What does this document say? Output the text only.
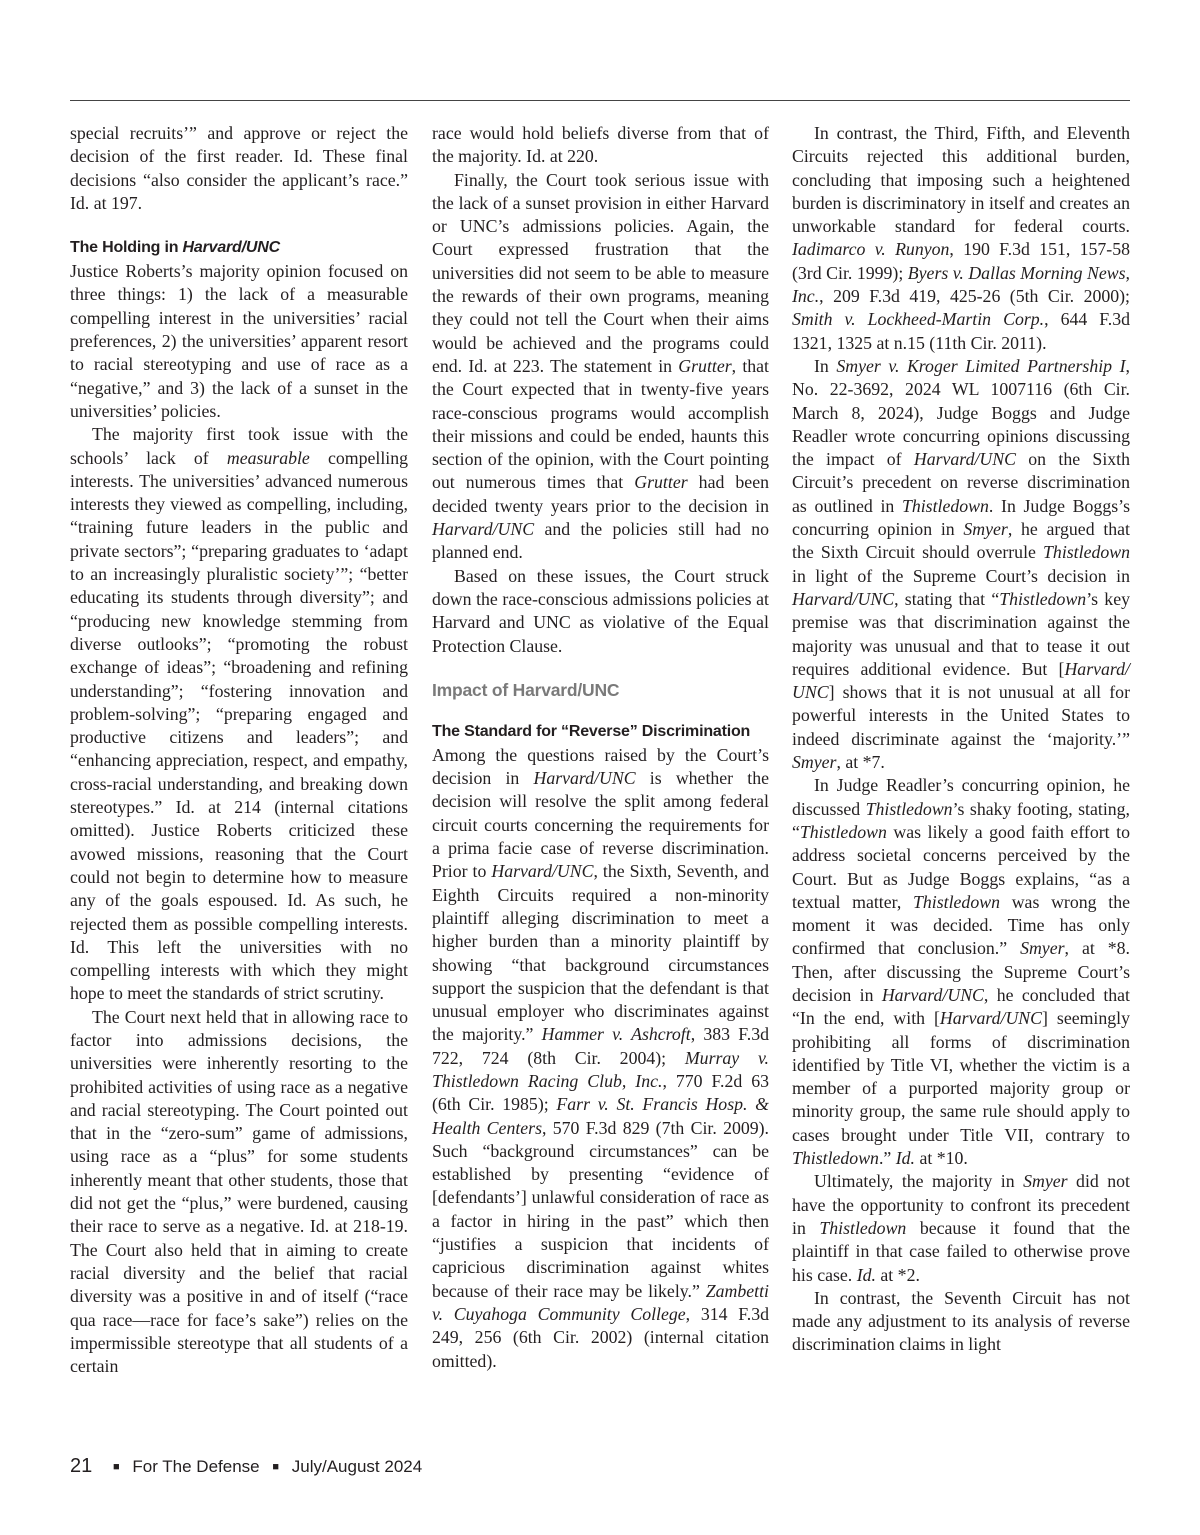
special recruits’” and approve or reject the decision of the first reader. Id. These final decisions “also consider the applicant’s race.” Id. at 197.

The Holding in Harvard/UNC

Justice Roberts’s majority opinion focused on three things: 1) the lack of a measurable compelling interest in the universities’ racial preferences, 2) the universities’ apparent resort to racial stereotyping and use of race as a “negative,” and 3) the lack of a sunset in the universities’ policies.

The majority first took issue with the schools’ lack of measurable compelling interests. The universities’ advanced numerous interests they viewed as compelling, including, “training future leaders in the public and private sectors”; “preparing graduates to ‘adapt to an increasingly pluralistic society’”; “better educating its students through diversity”; and “producing new knowledge stemming from diverse outlooks”; “promoting the robust exchange of ideas”; “broadening and refining understanding”; “fostering innovation and problem-solving”; “preparing engaged and productive citizens and leaders”; and “enhancing appreciation, respect, and empathy, cross-racial understanding, and breaking down stereotypes.” Id. at 214 (internal citations omitted). Justice Roberts criticized these avowed missions, reasoning that the Court could not begin to determine how to measure any of the goals espoused. Id. As such, he rejected them as possible compelling interests. Id. This left the universities with no compelling interests with which they might hope to meet the standards of strict scrutiny.

The Court next held that in allowing race to factor into admissions decisions, the universities were inherently resorting to the prohibited activities of using race as a negative and racial stereotyping. The Court pointed out that in the “zero-sum” game of admissions, using race as a “plus” for some students inherently meant that other students, those that did not get the “plus,” were burdened, causing their race to serve as a negative. Id. at 218-19. The Court also held that in aiming to create racial diversity and the belief that racial diversity was a positive in and of itself (“race qua race—race for face’s sake”) relies on the impermissible stereotype that all students of a certain

race would hold beliefs diverse from that of the majority. Id. at 220.

Finally, the Court took serious issue with the lack of a sunset provision in either Harvard or UNC’s admissions policies. Again, the Court expressed frustration that the universities did not seem to be able to measure the rewards of their own programs, meaning they could not tell the Court when their aims would be achieved and the programs could end. Id. at 223. The statement in Grutter, that the Court expected that in twenty-five years race-conscious programs would accomplish their missions and could be ended, haunts this section of the opinion, with the Court pointing out numerous times that Grutter had been decided twenty years prior to the decision in Harvard/UNC and the policies still had no planned end.

Based on these issues, the Court struck down the race-conscious admissions policies at Harvard and UNC as violative of the Equal Protection Clause.

Impact of Harvard/UNC
The Standard for “Reverse” Discrimination

Among the questions raised by the Court’s decision in Harvard/UNC is whether the decision will resolve the split among federal circuit courts concerning the requirements for a prima facie case of reverse discrimination. Prior to Harvard/UNC, the Sixth, Seventh, and Eighth Circuits required a non-minority plaintiff alleging discrimination to meet a higher burden than a minority plaintiff by showing “that background circumstances support the suspicion that the defendant is that unusual employer who discriminates against the majority.” Hammer v. Ashcroft, 383 F.3d 722, 724 (8th Cir. 2004); Murray v. Thistledown Racing Club, Inc., 770 F.2d 63 (6th Cir. 1985); Farr v. St. Francis Hosp. & Health Centers, 570 F.3d 829 (7th Cir. 2009). Such “background circumstances” can be established by presenting “evidence of [defendants’] unlawful consideration of race as a factor in hiring in the past” which then “justifies a suspicion that incidents of capricious discrimination against whites because of their race may be likely.” Zambetti v. Cuyahoga Community College, 314 F.3d 249, 256 (6th Cir. 2002) (internal citation omitted).

In contrast, the Third, Fifth, and Eleventh Circuits rejected this additional burden, concluding that imposing such a heightened burden is discriminatory in itself and creates an unworkable standard for federal courts. Iadimarco v. Runyon, 190 F.3d 151, 157-58 (3rd Cir. 1999); Byers v. Dallas Morning News, Inc., 209 F.3d 419, 425-26 (5th Cir. 2000); Smith v. Lockheed-Martin Corp., 644 F.3d 1321, 1325 at n.15 (11th Cir. 2011).

In Smyer v. Kroger Limited Partnership I, No. 22-3692, 2024 WL 1007116 (6th Cir. March 8, 2024), Judge Boggs and Judge Readler wrote concurring opinions discussing the impact of Harvard/UNC on the Sixth Circuit’s precedent on reverse discrimination as outlined in Thistledown. In Judge Boggs’s concurring opinion in Smyer, he argued that the Sixth Circuit should overrule Thistledown in light of the Supreme Court’s decision in Harvard/UNC, stating that “Thistledown’s key premise was that discrimination against the majority was unusual and that to tease it out requires additional evidence. But [Harvard/ UNC] shows that it is not unusual at all for powerful interests in the United States to indeed discriminate against the ‘majority.’” Smyer, at *7.

In Judge Readler’s concurring opinion, he discussed Thistledown’s shaky footing, stating, “Thistledown was likely a good faith effort to address societal concerns perceived by the Court. But as Judge Boggs explains, “as a textual matter, Thistledown was wrong the moment it was decided. Time has only confirmed that conclusion.” Smyer, at *8. Then, after discussing the Supreme Court’s decision in Harvard/UNC, he concluded that “In the end, with [Harvard/UNC] seemingly prohibiting all forms of discrimination identified by Title VI, whether the victim is a member of a purported majority group or minority group, the same rule should apply to cases brought under Title VII, contrary to Thistledown.” Id. at *10.

Ultimately, the majority in Smyer did not have the opportunity to confront its precedent in Thistledown because it found that the plaintiff in that case failed to otherwise prove his case. Id. at *2.

In contrast, the Seventh Circuit has not made any adjustment to its analysis of reverse discrimination claims in light

21 ■ For The Defense ■ July/August 2024
